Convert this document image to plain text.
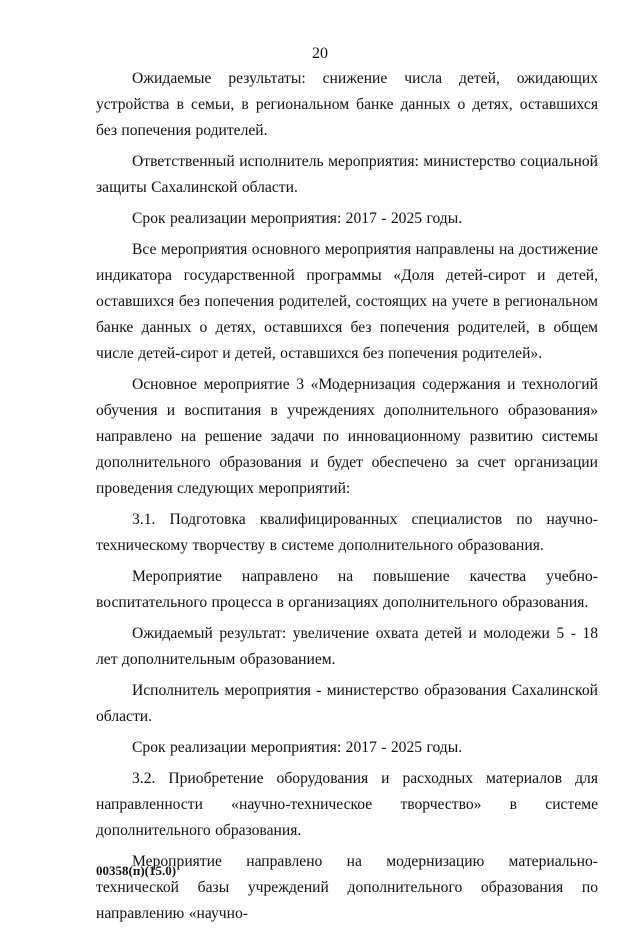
20

Ожидаемые результаты: снижение числа детей, ожидающих устройства в семьи, в региональном банке данных о детях, оставшихся без попечения родителей.

Ответственный исполнитель мероприятия: министерство социальной защиты Сахалинской области.

Срок реализации мероприятия: 2017 - 2025 годы.

Все мероприятия основного мероприятия направлены на достижение индикатора государственной программы «Доля детей-сирот и детей, оставшихся без попечения родителей, состоящих на учете в региональном банке данных о детях, оставшихся без попечения родителей, в общем числе детей-сирот и детей, оставшихся без попечения родителей».

Основное мероприятие 3 «Модернизация содержания и технологий обучения и воспитания в учреждениях дополнительного образования» направлено на решение задачи по инновационному развитию системы дополнительного образования и будет обеспечено за счет организации проведения следующих мероприятий:

3.1. Подготовка квалифицированных специалистов по научно-техническому творчеству в системе дополнительного образования.

Мероприятие направлено на повышение качества учебно-воспитательного процесса в организациях дополнительного образования.

Ожидаемый результат: увеличение охвата детей и молодежи 5 - 18 лет дополнительным образованием.

Исполнитель мероприятия - министерство образования Сахалинской области.

Срок реализации мероприятия: 2017 - 2025 годы.

3.2. Приобретение оборудования и расходных материалов для направленности «научно-техническое творчество» в системе дополнительного образования.

Мероприятие направлено на модернизацию материально-технической базы учреждений дополнительного образования по направлению «научно-

00358(п)(15.0)
